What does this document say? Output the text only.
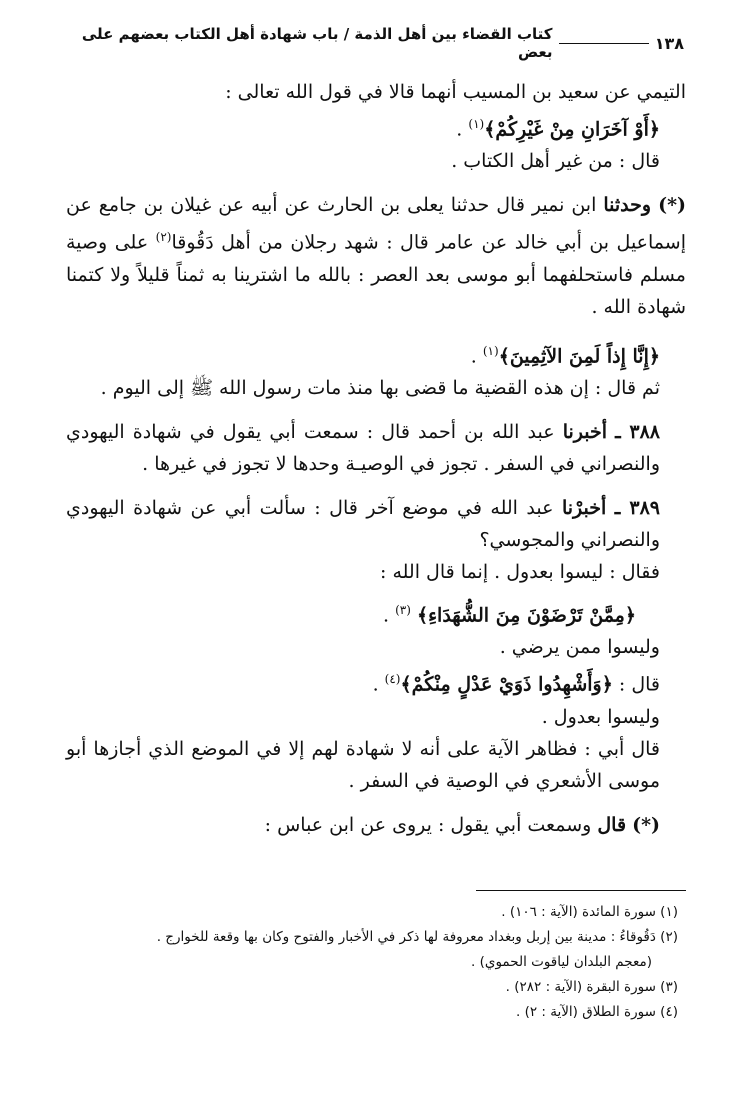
١٣٨
كتاب القضاء بين أهل الذمة / باب شهادة أهل الكتاب بعضهم على بعض

التيمي عن سعيد بن المسيب أنهما قالا في قول الله تعالى :

﴿أَوْ آخَرَانِ مِنْ غَيْرِكُمْ﴾$^{(١)}$ .

قال : من غير أهل الكتاب .

(*) وحدثنا ابن نمير قال حدثنا يعلى بن الحارث عن أبيه عن غيلان بن جامع عن إسماعيل بن أبي خالد عن عامر قال : شهد رجلان من أهل دَقُوقا$^{(٢)}$ على وصية مسلم فاستحلفهما أبو موسى بعد العصر : بالله ما اشترينا به ثمناً قليلاً ولا كتمنا شهادة الله .

﴿إِنَّا إِذاً لَمِنَ الآثِمِينَ﴾$^{(١)}$ .

ثم قال : إن هذه القضية ما قضى بها منذ مات رسول الله ﷺ إلى اليوم .

٣٨٨ ـ أخبرنا عبد الله بن أحمد قال : سمعت أبي يقول في شهادة اليهودي والنصراني في السفر . تجوز في الوصيـة وحدها لا تجوز في غيرها .

٣٨٩ ـ أخبرْنا عبد الله في موضع آخر قال : سألت أبي عن شهادة اليهودي والنصراني والمجوسي؟

فقال : ليسوا بعدول . إنما قال الله :

﴿مِمَّنْ تَرْضَوْنَ مِنَ الشُّهَدَاءِ﴾ $^{(٣)}$ .

وليسوا ممن يرضي .

قال : ﴿وَأَشْهِدُوا ذَوَيْ عَدْلٍ مِنْكُمْ﴾$^{(٤)}$ .

وليسوا بعدول .

قال أبي : فظاهر الآية على أنه لا شهادة لهم إلا في الموضع الذي أجازها أبو موسى الأشعري في الوصية في السفر .

(*) قال وسمعت أبي يقول : يروى عن ابن عباس :

(١) سورة المائدة (الآية : ١٠٦) .

(٢) دَقُوقاءُ : مدينة بين إربل وبغداد معروفة لها ذكر في الأخبار والفتوح وكان بها وقعة للخوارج .

(معجم البلدان لياقوت الحموي) .

(٣) سورة البقرة (الآية : ٢٨٢) .

(٤) سورة الطلاق (الآية : ٢) .
